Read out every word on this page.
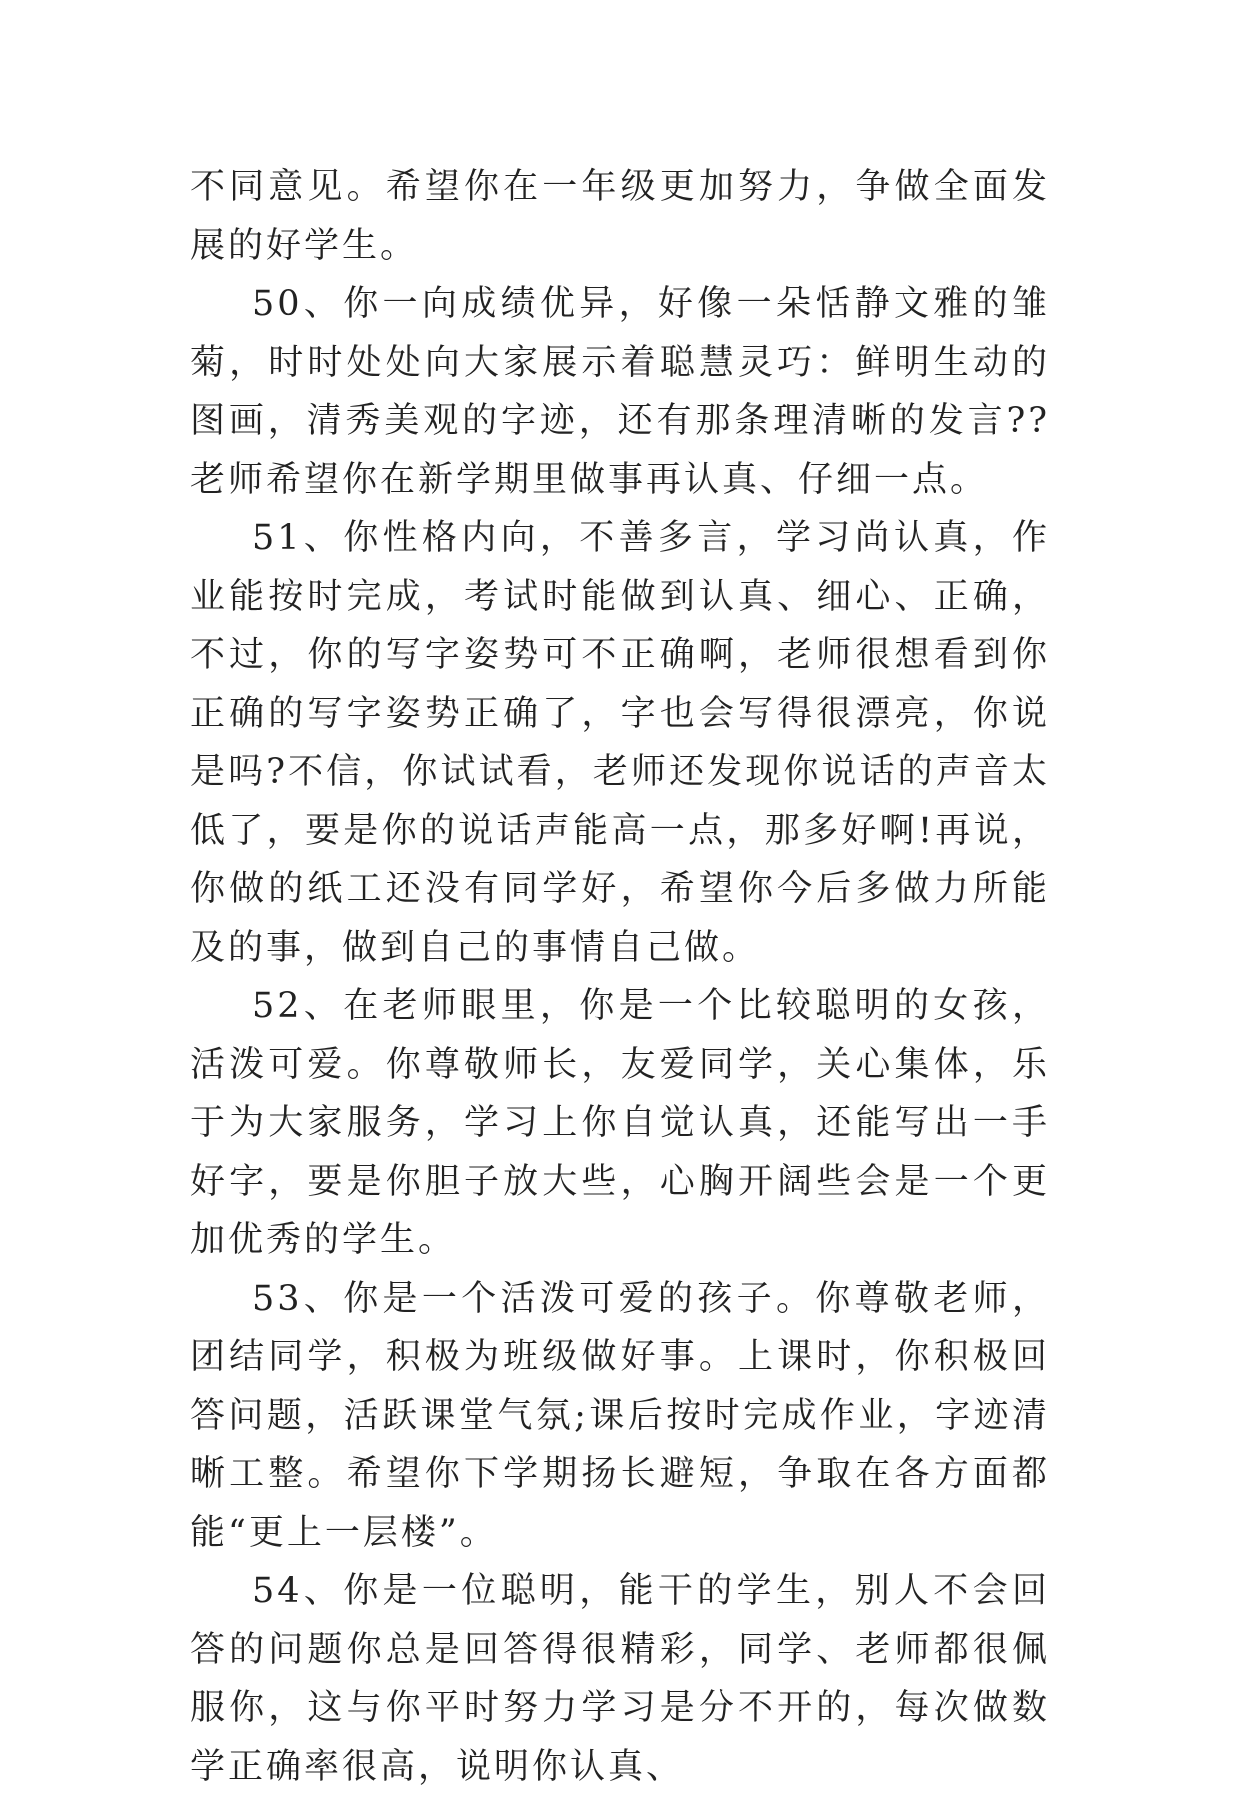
不同意见。希望你在一年级更加努力，争做全面发展的好学生。

50、你一向成绩优异，好像一朵恬静文雅的雏菊，时时处处向大家展示着聪慧灵巧：鲜明生动的图画，清秀美观的字迹，还有那条理清晰的发言??老师希望你在新学期里做事再认真、仔细一点。

51、你性格内向，不善多言，学习尚认真，作业能按时完成，考试时能做到认真、细心、正确，不过，你的写字姿势可不正确啊，老师很想看到你正确的写字姿势正确了，字也会写得很漂亮，你说是吗?不信，你试试看，老师还发现你说话的声音太低了，要是你的说话声能高一点，那多好啊!再说，你做的纸工还没有同学好，希望你今后多做力所能及的事，做到自己的事情自己做。

52、在老师眼里，你是一个比较聪明的女孩，活泼可爱。你尊敬师长，友爱同学，关心集体，乐于为大家服务，学习上你自觉认真，还能写出一手好字，要是你胆子放大些，心胸开阔些会是一个更加优秀的学生。

53、你是一个活泼可爱的孩子。你尊敬老师，团结同学，积极为班级做好事。上课时，你积极回答问题，活跃课堂气氛;课后按时完成作业，字迹清晰工整。希望你下学期扬长避短，争取在各方面都能“更上一层楼”。

54、你是一位聪明，能干的学生，别人不会回答的问题你总是回答得很精彩，同学、老师都很佩服你，这与你平时努力学习是分不开的，每次做数学正确率很高，说明你认真、
